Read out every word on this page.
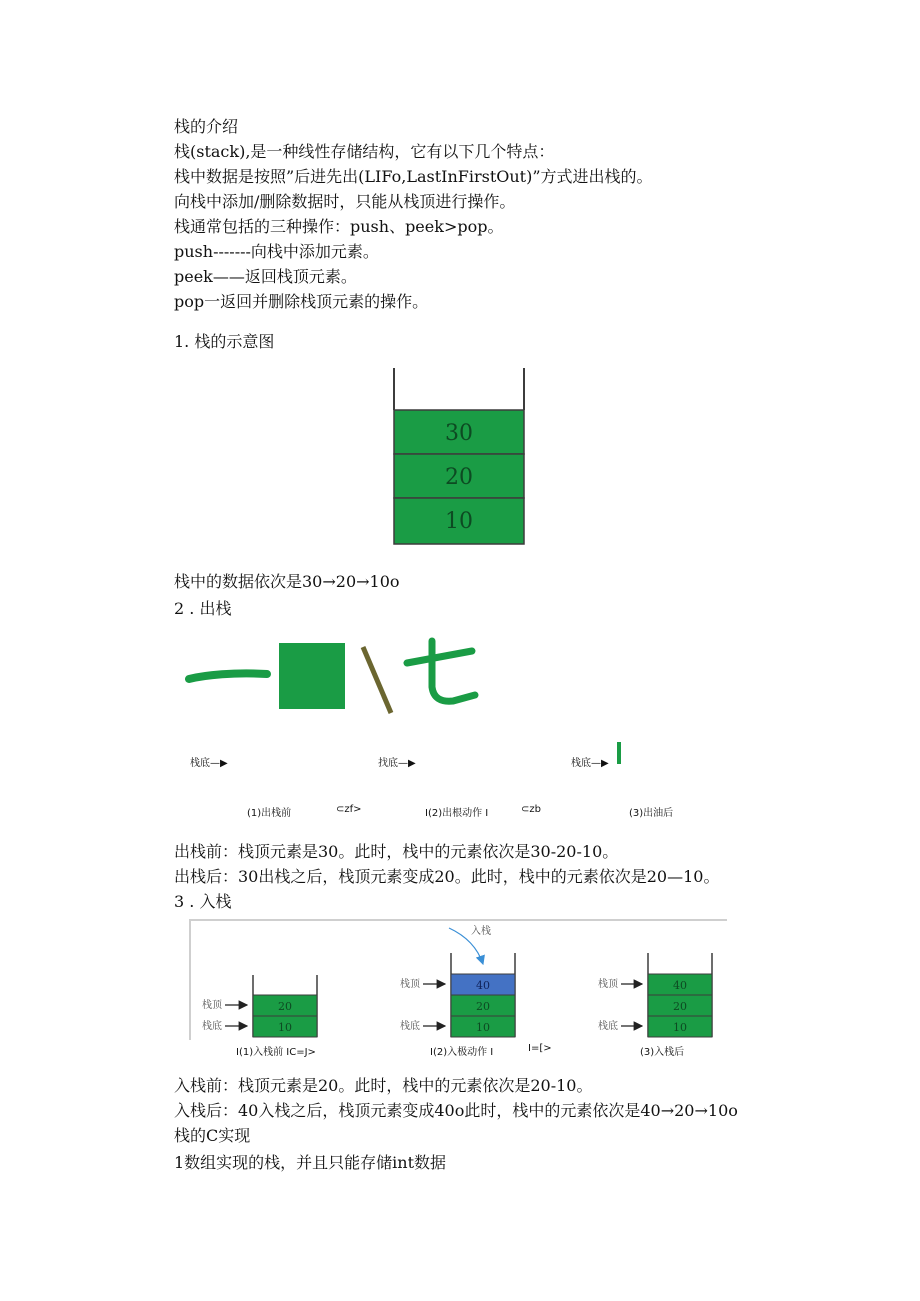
栈的介绍
栈(stack),是一种线性存储结构，它有以下几个特点：
栈中数据是按照”后进先出(LIFo,LastInFirstOut)”方式进出栈的。
向栈中添加/删除数据时，只能从栈顶进行操作。
栈通常包括的三种操作：push、peek>pop。
push-------向栈中添加元素。
peek——返回栈顶元素。
pop一返回并删除栈顶元素的操作。
1. 栈的示意图
30
20
10
栈中的数据依次是30→20→10o
2 . 出栈
栈底—▶	找底—▶	栈底—▶
(1)出栈前	⊂zf>	I(2)出根动作 I	⊂zb	(3)出油后
出栈前：栈顶元素是30。此时，栈中的元素依次是30-20-10。
出栈后：30出栈之后，栈顶元素变成20。此时，栈中的元素依次是20—10。
3 . 入栈
20
10
栈顶
栈底
入栈
40
20
10
栈顶
栈底
40
20
10
栈顶
栈底
I(1)入栈前 IC=J>	I(2)入极动作 I	I=[>	(3)入栈后
入栈前：栈顶元素是20。此时，栈中的元素依次是20-10。
入栈后：40入栈之后，栈顶元素变成40o此时，栈中的元素依次是40→20→10o
栈的C实现
1数组实现的栈，并且只能存储int数据
